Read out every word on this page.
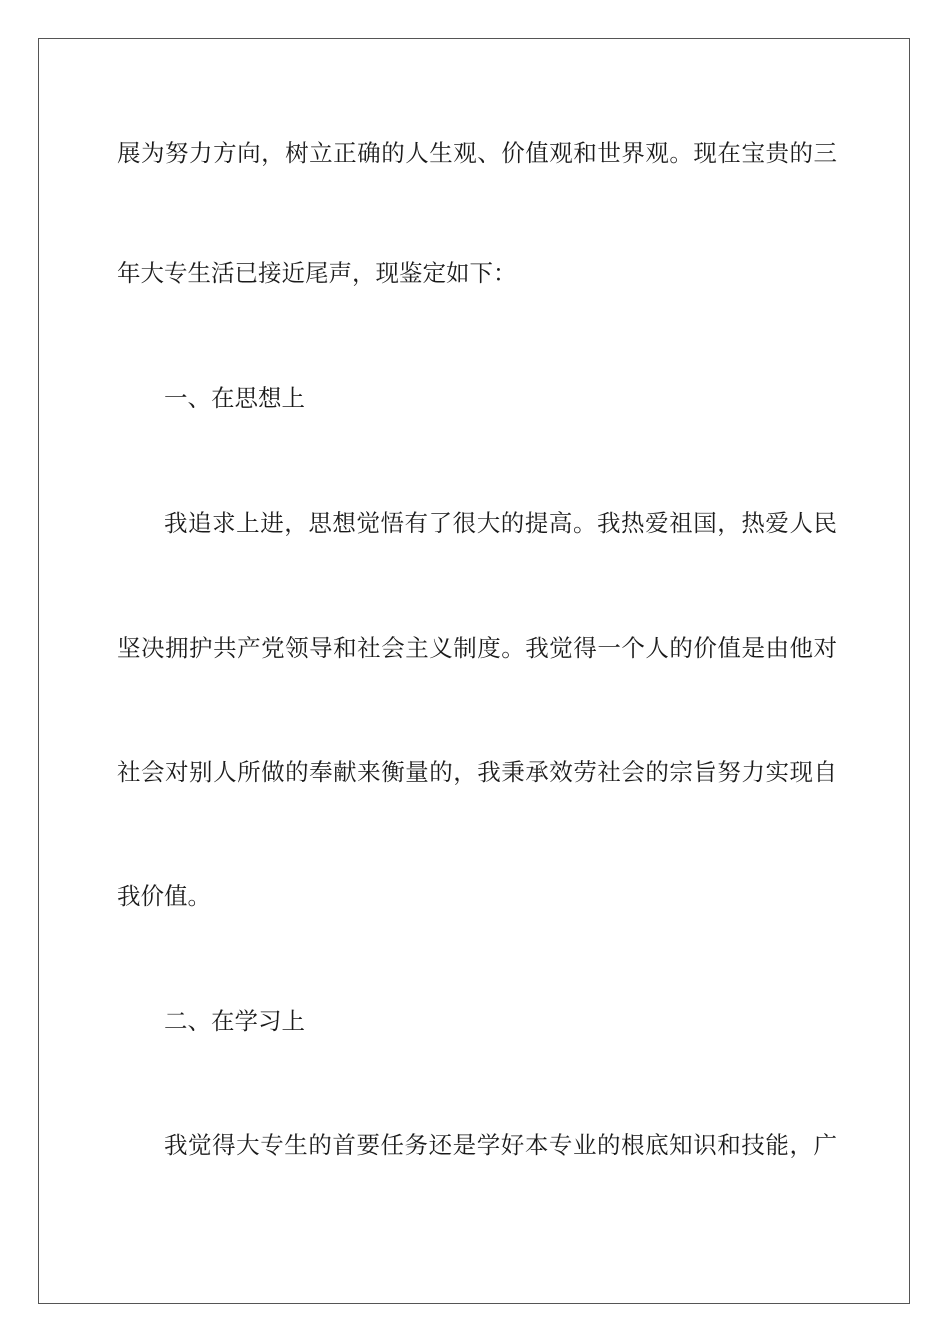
展为努力方向，树立正确的人生观、价值观和世界观。现在宝贵的三
年大专生活已接近尾声，现鉴定如下：
一、在思想上
我追求上进，思想觉悟有了很大的提高。我热爱祖国，热爱人民
坚决拥护共产党领导和社会主义制度。我觉得一个人的价值是由他对
社会对别人所做的奉献来衡量的，我秉承效劳社会的宗旨努力实现自
我价值。
二、在学习上
我觉得大专生的首要任务还是学好本专业的根底知识和技能，广
